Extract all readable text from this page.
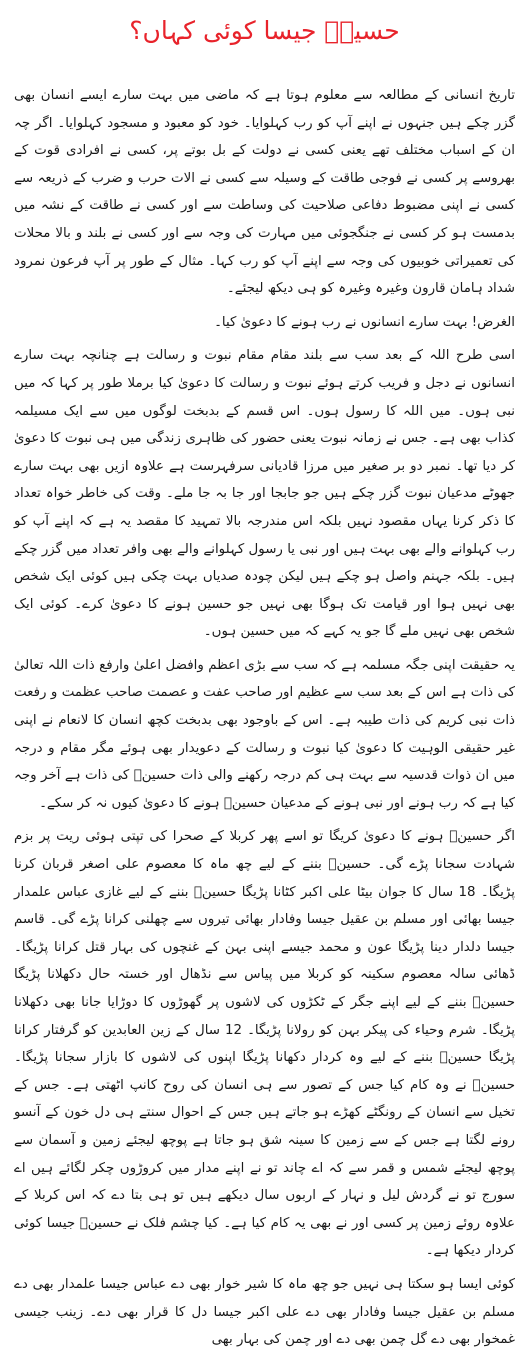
حسینؑ جیسا کوئی کہاں؟

تاریخ انسانی کے مطالعہ سے معلوم ہوتا ہے کہ ماضی میں بہت سارے ایسے انسان بھی گزر چکے ہیں جنہوں نے اپنے آپ کو رب کہلوایا۔ خود کو معبود و مسجود کہلوایا۔ اگر چہ ان کے اسباب مختلف تھے یعنی کسی نے دولت کے بل بوتے پر، کسی نے افرادی قوت کے بھروسے پر کسی نے فوجی طاقت کے وسیلہ سے کسی نے الات حرب و ضرب کے ذریعہ سے کسی نے اپنی مضبوط دفاعی صلاحیت کی وساطت سے اور کسی نے طاقت کے نشہ میں بدمست ہو کر کسی نے جنگجوئی میں مہارت کی وجہ سے اور کسی نے بلند و بالا محلات کی تعمیراتی خوبیوں کی وجہ سے اپنے آپ کو رب کہا۔ مثال کے طور پر آپ فرعون نمرود شداد ہامان قارون وغیرہ وغیرہ کو ہی دیکھ لیجئے۔

الغرض! بہت سارے انسانوں نے رب ہونے کا دعویٰ کیا۔

اسی طرح اللہ کے بعد سب سے بلند مقام مقام نبوت و رسالت ہے چنانچہ بہت سارے انسانوں نے دجل و فریب کرتے ہوئے نبوت و رسالت کا دعویٰ کیا برملا طور پر کہا کہ میں نبی ہوں۔ میں اللہ کا رسول ہوں۔ اس قسم کے بدبخت لوگوں میں سے ایک مسیلمہ کذاب بھی ہے۔ جس نے زمانہ نبوت یعنی حضور کی ظاہری زندگی میں ہی نبوت کا دعویٰ کر دیا تھا۔ نمبر دو بر صغیر میں مرزا قادیانی سرفہرست ہے علاوہ ازیں بھی بہت سارے جھوٹے مدعیان نبوت گزر چکے ہیں جو جابجا اور جا بہ جا ملے۔ وقت کی خاطر خواہ تعداد کا ذکر کرنا یہاں مقصود نہیں بلکہ اس مندرجہ بالا تمہید کا مقصد یہ ہے کہ اپنے آپ کو رب کہلوانے والے بھی بہت ہیں اور نبی یا رسول کہلوانے والے بھی وافر تعداد میں گزر چکے ہیں۔ بلکہ جہنم واصل ہو چکے ہیں لیکن چودہ صدیاں بہت چکی ہیں کوئی ایک شخص بھی نہیں ہوا اور قیامت تک ہوگا بھی نہیں جو حسین ہونے کا دعویٰ کرے۔ کوئی ایک شخص بھی نہیں ملے گا جو یہ کہے کہ میں حسین ہوں۔

یہ حقیقت اپنی جگہ مسلمہ ہے کہ سب سے بڑی اعظم وافضل اعلیٰ وارفع ذات اللہ تعالیٰ کی ذات ہے اس کے بعد سب سے عظیم اور صاحب عفت و عصمت صاحب عظمت و رفعت ذات نبی کریم کی ذات طیبہ ہے۔ اس کے باوجود بھی بدبخت کچھ انسان کا لانعام نے اپنی غیر حقیقی الوہیت کا دعویٰ کیا نبوت و رسالت کے دعویدار بھی ہوئے مگر مقام و درجہ میں ان ذوات قدسیہ سے بہت ہی کم درجہ رکھنے والی ذات حسینؑ کی ذات ہے آخر وجہ کیا ہے کہ رب ہونے اور نبی ہونے کے مدعیان حسینؑ ہونے کا دعویٰ کیوں نہ کر سکے۔

اگر حسینؑ ہونے کا دعویٰ کریگا تو اسے پھر کربلا کے صحرا کی تپتی ہوئی ریت پر بزم شہادت سجانا پڑے گی۔ حسینؑ بننے کے لیے چھ ماہ کا معصوم علی اصغر قربان کرنا پڑیگا۔ 18 سال کا جوان بیٹا علی اکبر کٹانا پڑیگا حسینؑ بننے کے لیے غازی عباس علمدار جیسا بھائی اور مسلم بن عقیل جیسا وفادار بھائی تیروں سے چھلنی کرانا پڑے گی۔ قاسم جیسا دلدار دینا پڑیگا عون و محمد جیسے اپنی بہن کے غنچوں کی بہار قتل کرانا پڑیگا۔ ڈھائی سالہ معصوم سکینہ کو کربلا میں پیاس سے نڈھال اور خستہ حال دکھلانا پڑیگا حسینؑ بننے کے لیے اپنے جگر کے ٹکڑوں کی لاشوں پر گھوڑوں کا دوڑایا جانا بھی دکھلانا پڑیگا۔ شرم وحیاء کی پیکر بہن کو رولانا پڑیگا۔ 12 سال کے زین العابدین کو گرفتار کرانا پڑیگا حسینؑ بننے کے لیے وہ کردار دکھانا پڑیگا اپنوں کی لاشوں کا بازار سجانا پڑیگا۔ حسینؑ نے وہ کام کیا جس کے تصور سے ہی انسان کی روح کانپ اٹھتی ہے۔ جس کے تخیل سے انسان کے رونگٹے کھڑے ہو جاتے ہیں جس کے احوال سنتے ہی دل خون کے آنسو رونے لگتا ہے جس کے سے زمین کا سینہ شق ہو جاتا ہے پوچھ لیجئے زمین و آسمان سے پوچھ لیجئے شمس و قمر سے کہ اے چاند تو نے اپنے مدار میں کروڑوں چکر لگائے ہیں اے سورج تو نے گردش لیل و نہار کے اربوں سال دیکھے ہیں تو ہی بتا دے کہ اس کربلا کے علاوہ روئے زمین پر کسی اور نے بھی یہ کام کیا ہے۔ کیا چشم فلک نے حسینؑ جیسا کوئی کردار دیکھا ہے۔

کوئی ایسا ہو سکتا ہی نہیں جو چھ ماہ کا شیر خوار بھی دے عباس جیسا علمدار بھی دے مسلم بن عقیل جیسا وفادار بھی دے علی اکبر جیسا دل کا قرار بھی دے۔ زینب جیسی غمخوار بھی دے گل چمن بھی دے اور چمن کی بہار بھی
